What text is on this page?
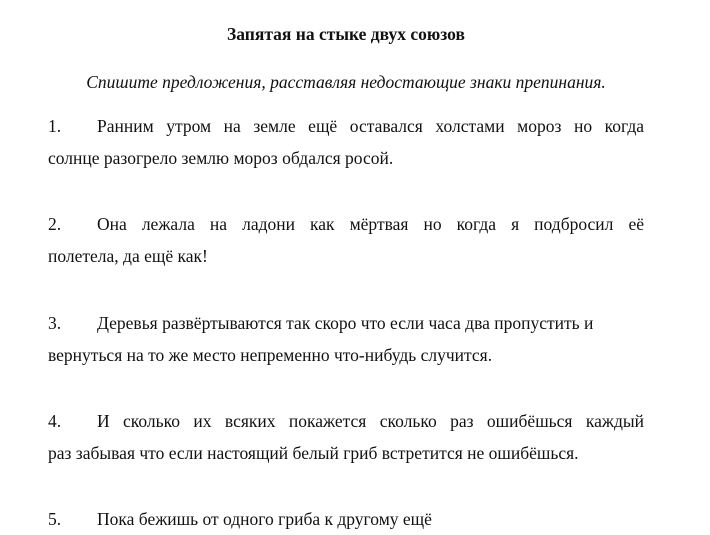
Запятая на стыке двух союзов
Спишите предложения, расставляя недостающие знаки препинания.
1. Ранним утром на земле ещё оставался холстами мороз но когда
солнце разогрело землю мороз обдался росой.
2. Она лежала на ладони как мёртвая но когда я подбросил её
полетела, да ещё как!
3. Деревья развёртываются так скоро что если часа два пропустить и
вернуться на то же место непременно что-нибудь случится.
4. И сколько их всяких покажется сколько раз ошибёшься каждый
раз забывая что если настоящий белый гриб встретится не ошибёшься.
5. Пока бежишь от одного гриба к другому ещё
